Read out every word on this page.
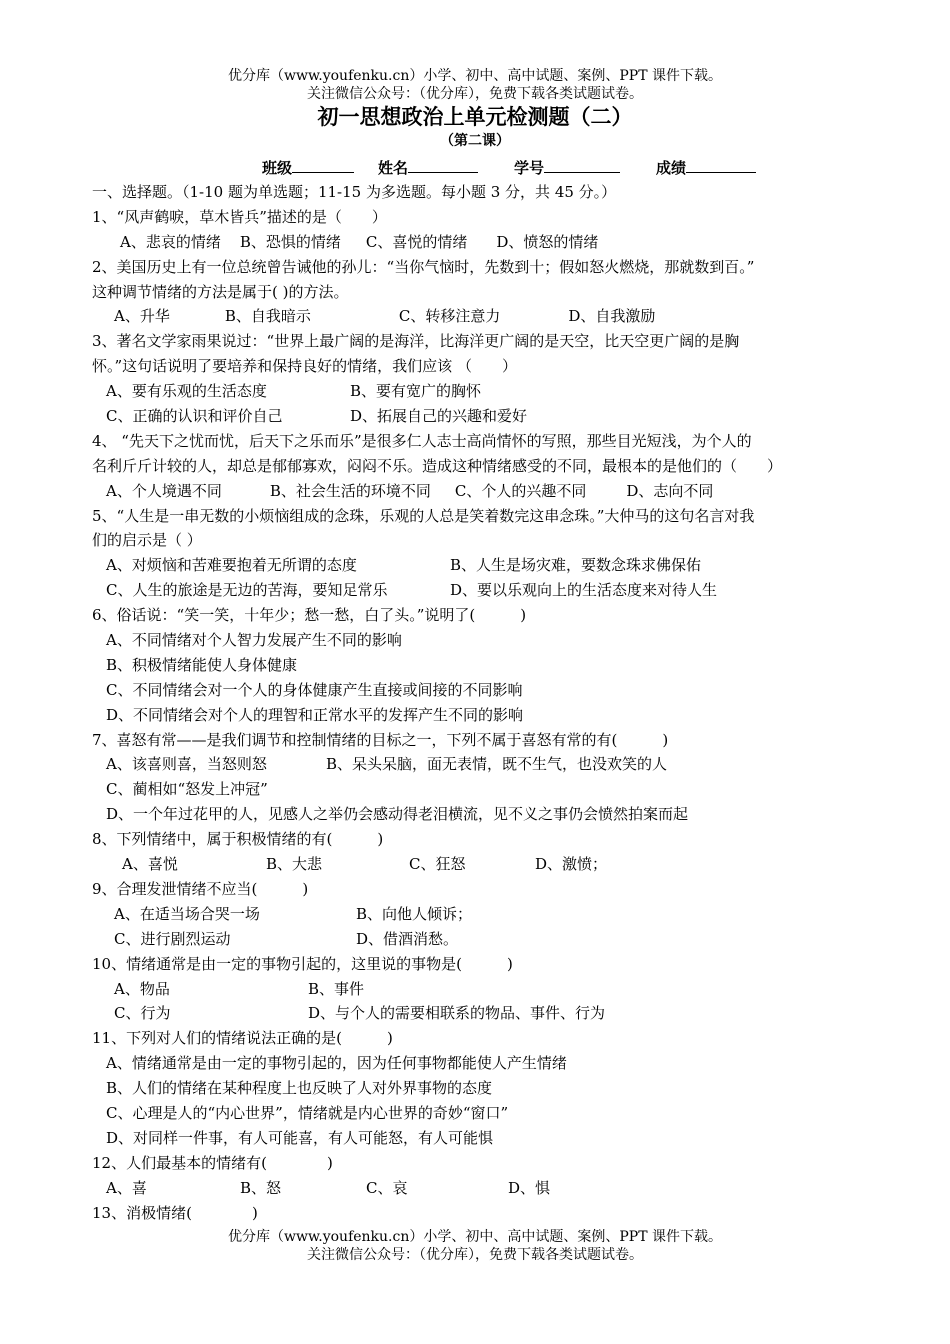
优分库（www.youfenku.cn）小学、初中、高中试题、案例、PPT 课件下载。
关注微信公众号：（优分库），免费下载各类试题试卷。
初一思想政治上单元检测题（二）
（第二课）
班级	姓名	学号	成绩
一、选择题。（1-10 题为单选题；11-15 为多选题。每小题 3 分，共 45 分。）
1、“风声鹤唳，草木皆兵”描述的是（　　）
A、悲哀的情绪 B、恐惧的情绪 C、喜悦的情绪 D、愤怒的情绪
2、美国历史上有一位总统曾告诫他的孙儿：“当你气恼时，先数到十；假如怒火燃烧，那就数到百。”
这种调节情绪的方法是属于( )的方法。
A、升华	B、自我暗示	C、转移注意力	D、自我激励
3、著名文学家雨果说过：“世界上最广阔的是海洋，比海洋更广阔的是天空，比天空更广阔的是胸
怀。”这句话说明了要培养和保持良好的情绪，我们应该 （　　）
A、要有乐观的生活态度	B、要有宽广的胸怀
C、正确的认识和评价自己	D、拓展自己的兴趣和爱好
4、 “先天下之忧而忧，后天下之乐而乐”是很多仁人志士高尚情怀的写照，那些目光短浅，为个人的
名利斤斤计较的人，却总是郁郁寡欢，闷闷不乐。造成这种情绪感受的不同，最根本的是他们的（　　）
A、个人境遇不同	B、社会生活的环境不同 C、个人的兴趣不同	D、志向不同
5、“人生是一串无数的小烦恼组成的念珠，乐观的人总是笑着数完这串念珠。”大仲马的这句名言对我
们的启示是（ ）
A、对烦恼和苦难要抱着无所谓的态度	B、人生是场灾难，要数念珠求佛保佑
C、人生的旅途是无边的苦海，要知足常乐	D、要以乐观向上的生活态度来对待人生
6、俗话说：“笑一笑，十年少；愁一愁，白了头。”说明了(　　　)
A、不同情绪对个人智力发展产生不同的影响
B、积极情绪能使人身体健康
C、不同情绪会对一个人的身体健康产生直接或间接的不同影响
D、不同情绪会对个人的理智和正常水平的发挥产生不同的影响
7、喜怒有常——是我们调节和控制情绪的目标之一，下列不属于喜怒有常的有(　　　)
A、该喜则喜，当怒则怒	B、呆头呆脑，面无表情，既不生气，也没欢笑的人
C、蔺相如“怒发上冲冠”
D、一个年过花甲的人，见感人之举仍会感动得老泪横流，见不义之事仍会愤然拍案而起
8、下列情绪中，属于积极情绪的有(　　　)
A、喜悦	B、大悲	C、狂怒	D、激愤；
9、合理发泄情绪不应当(　　　)
A、在适当场合哭一场	B、向他人倾诉；
C、进行剧烈运动	D、借酒消愁。
10、情绪通常是由一定的事物引起的，这里说的事物是(　　　)
A、物品	B、事件
C、行为	D、与个人的需要相联系的物品、事件、行为
11、下列对人们的情绪说法正确的是(　　　)
A、情绪通常是由一定的事物引起的，因为任何事物都能使人产生情绪
B、人们的情绪在某种程度上也反映了人对外界事物的态度
C、心理是人的“内心世界”，情绪就是内心世界的奇妙“窗口”
D、对同样一件事，有人可能喜，有人可能怒，有人可能惧
12、人们最基本的情绪有(　　　　)
A、喜	B、怒	C、哀	D、惧
13、消极情绪(　　　　)
优分库（www.youfenku.cn）小学、初中、高中试题、案例、PPT 课件下载。
关注微信公众号：（优分库），免费下载各类试题试卷。
